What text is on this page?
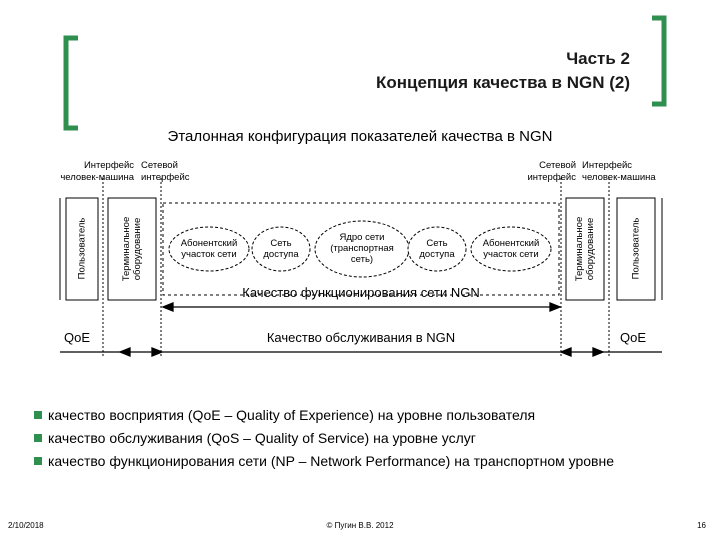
Часть 2
Концепция качества в NGN (2)
Эталонная конфигурация показателей качества в NGN
Интерфейс
человек-машина
Сетевой
интерфейс
Сетевой
интерфейс
Интерфейс
человек-машина
Пользователь	Терминальное
оборудование	Терминальное
оборудование	Пользователь
Абонентский
участок сети
Сеть
доступа
Ядро сети
(транспортная
сеть)
Сеть
доступа
Абонентский
участок сети
Качество функционирования сети NGN
QoE	Качество обслуживания в NGN	QoE
качество восприятия (QoE – Quality of Experience) на уровне пользователя
качество обслуживания (QoS – Quality of Service) на уровне услуг
качество функционирования сети (NP – Network Performance) на транспортном уровне
2/10/2018	© Пугин В.В. 2012	16
